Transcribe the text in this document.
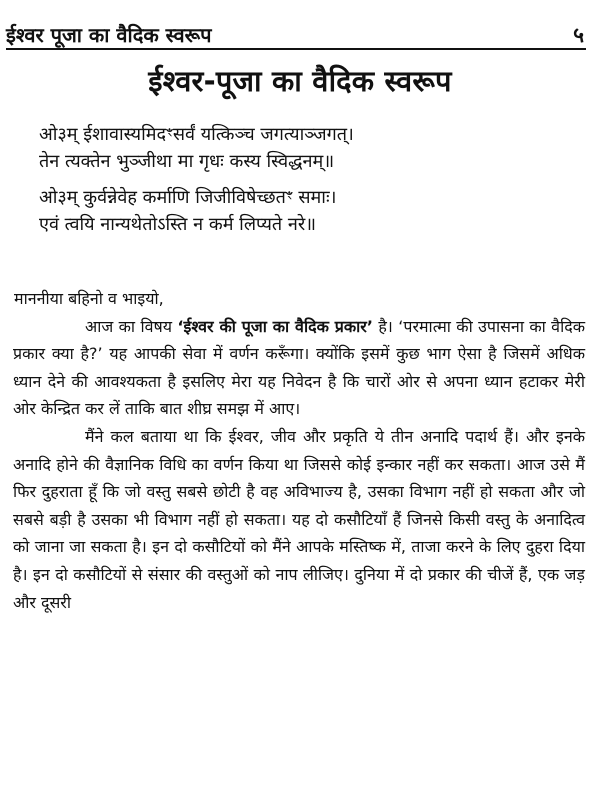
ईश्वर पूजा का वैदिक स्वरूप	५
ईश्वर-पूजा का वैदिक स्वरूप
ओ३म् ईशावास्यमिदꣳसर्वं यत्किञ्च जगत्याञ्जगत्।
तेन त्यक्तेन भुञ्जीथा मा गृधः कस्य स्विद्धनम्॥
ओ३म् कुर्वन्नेवेह कर्माणि जिजीविषेच्छतꣳ समाः।
एवं त्वयि नान्यथेतोऽस्ति न कर्म लिप्यते नरे॥

माननीया बहिनो व भाइयो,

आज का विषय ‘ईश्वर की पूजा का वैदिक प्रकार’ है। ‘परमात्मा की उपासना का वैदिक प्रकार क्या है?’ यह आपकी सेवा में वर्णन करूँगा। क्योंकि इसमें कुछ भाग ऐसा है जिसमें अधिक ध्यान देने की आवश्यकता है इसलिए मेरा यह निवेदन है कि चारों ओर से अपना ध्यान हटाकर मेरी ओर केन्द्रित कर लें ताकि बात शीघ्र समझ में आए।

मैंने कल बताया था कि ईश्वर, जीव और प्रकृति ये तीन अनादि पदार्थ हैं। और इनके अनादि होने की वैज्ञानिक विधि का वर्णन किया था जिससे कोई इन्कार नहीं कर सकता। आज उसे मैं फिर दुहराता हूँ कि जो वस्तु सबसे छोटी है वह अविभाज्य है, उसका विभाग नहीं हो सकता और जो सबसे बड़ी है उसका भी विभाग नहीं हो सकता। यह दो कसौटियाँ हैं जिनसे किसी वस्तु के अनादित्व को जाना जा सकता है। इन दो कसौटियों को मैंने आपके मस्तिष्क में, ताजा करने के लिए दुहरा दिया है। इन दो कसौटियों से संसार की वस्तुओं को नाप लीजिए। दुनिया में दो प्रकार की चीजें हैं, एक जड़ और दूसरी
